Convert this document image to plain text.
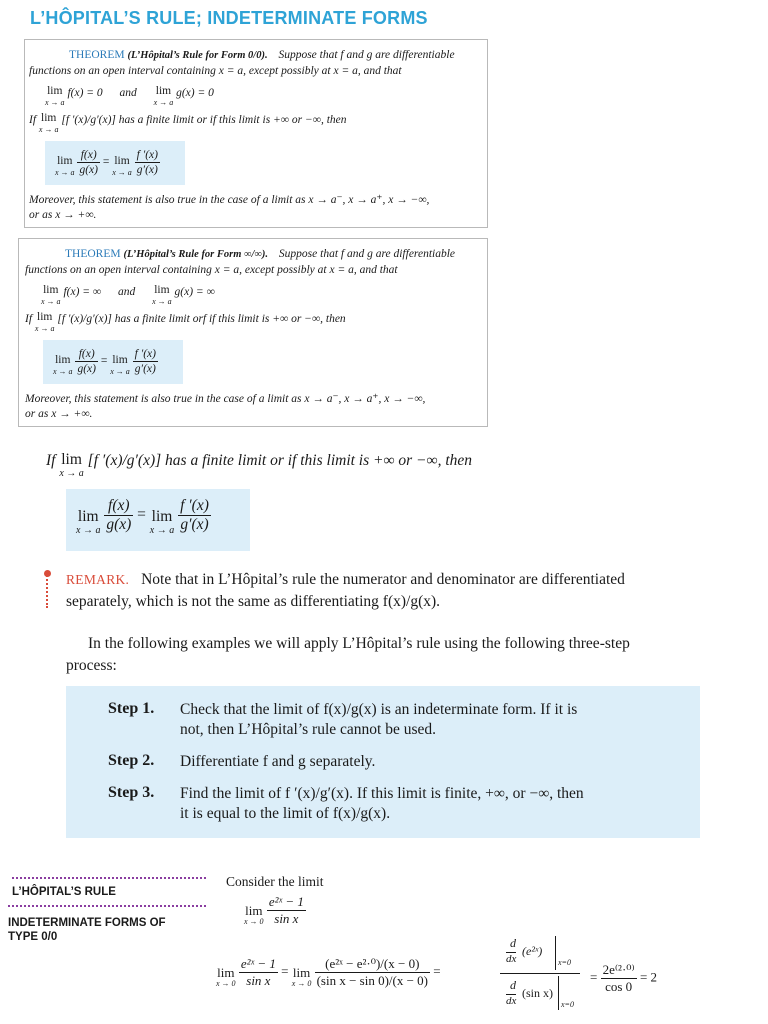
L’HÔPITAL’S RULE; INDETERMINATE FORMS
THEOREM (L’Hôpital’s Rule for Form 0/0). Suppose that f and g are differentiable
functions on an open interval containing x = a, except possibly at x = a, and that
lim
x → a
f(x) = 0 and lim
x → a
g(x) = 0
If lim
x → a
[f ′(x)/g′(x)] has a finite limit or if this limit is +∞ or −∞, then
lim
x → a
$\frac{f(x)}{g(x)} = \lim$
x → a
$\frac{f '(x)}{g'(x)}$
Moreover, this statement is also true in the case of a limit as x → a⁻, x → a⁺, x → −∞,
or as x → +∞.
THEOREM (L’Hôpital’s Rule for Form ∞/∞). Suppose that f and g are differentiable
functions on an open interval containing x = a, except possibly at x = a, and that
lim
x → a
f(x) = ∞ and lim
x → a
g(x) = ∞
If lim
x → a
[f ′(x)/g′(x)] has a finite limit orf if this limit is +∞ or −∞, then
lim
x → a
$\frac{f(x)}{g(x)} = \lim$
x → a
$\frac{f '(x)}{g'(x)}$
Moreover, this statement is also true in the case of a limit as x → a⁻, x → a⁺, x → −∞,
or as x → +∞.
If lim
x → a
[f ′(x)/g′(x)] has a finite limit or if this limit is +∞ or −∞, then
lim
x → a
$\frac{f(x)}{g(x)} = \lim$
x → a
$\frac{f '(x)}{g'(x)}$
REMARK. Note that in L’Hôpital’s rule the numerator and denominator are differentiated
separately, which is not the same as differentiating f(x)/g(x).
In the following examples we will apply L’Hôpital’s rule using the following three-step
process:
Step 1. Check that the limit of f(x)/g(x) is an indeterminate form. If it is
not, then L’Hôpital’s rule cannot be used.
Step 2. Differentiate f and g separately.
Step 3. Find the limit of f ′(x)/g′(x). If this limit is finite, +∞, or −∞, then
it is equal to the limit of f(x)/g(x).
L’HÔPITAL’S RULE
INDETERMINATE FORMS OF TYPE 0/0
Consider the limit
lim
x → 0
$\frac{\text{e²ˣ − 1}}{\text{sin x}}$
lim
x → 0
$\frac{\text{e²ˣ − 1}}{\text{sin x}} = \lim$
x → 0
$\frac{\text{(e²ˣ − e²·⁰)/(x − 0)}}{\text{(sin x − sin 0)/(x − 0)}}$ =
d
dx
(e²ˣ)
x=0
d
dx
(sin x)
x=0
= $\frac{\text{2e⁽²·⁰⁾}}{\cos 0} = 2$
